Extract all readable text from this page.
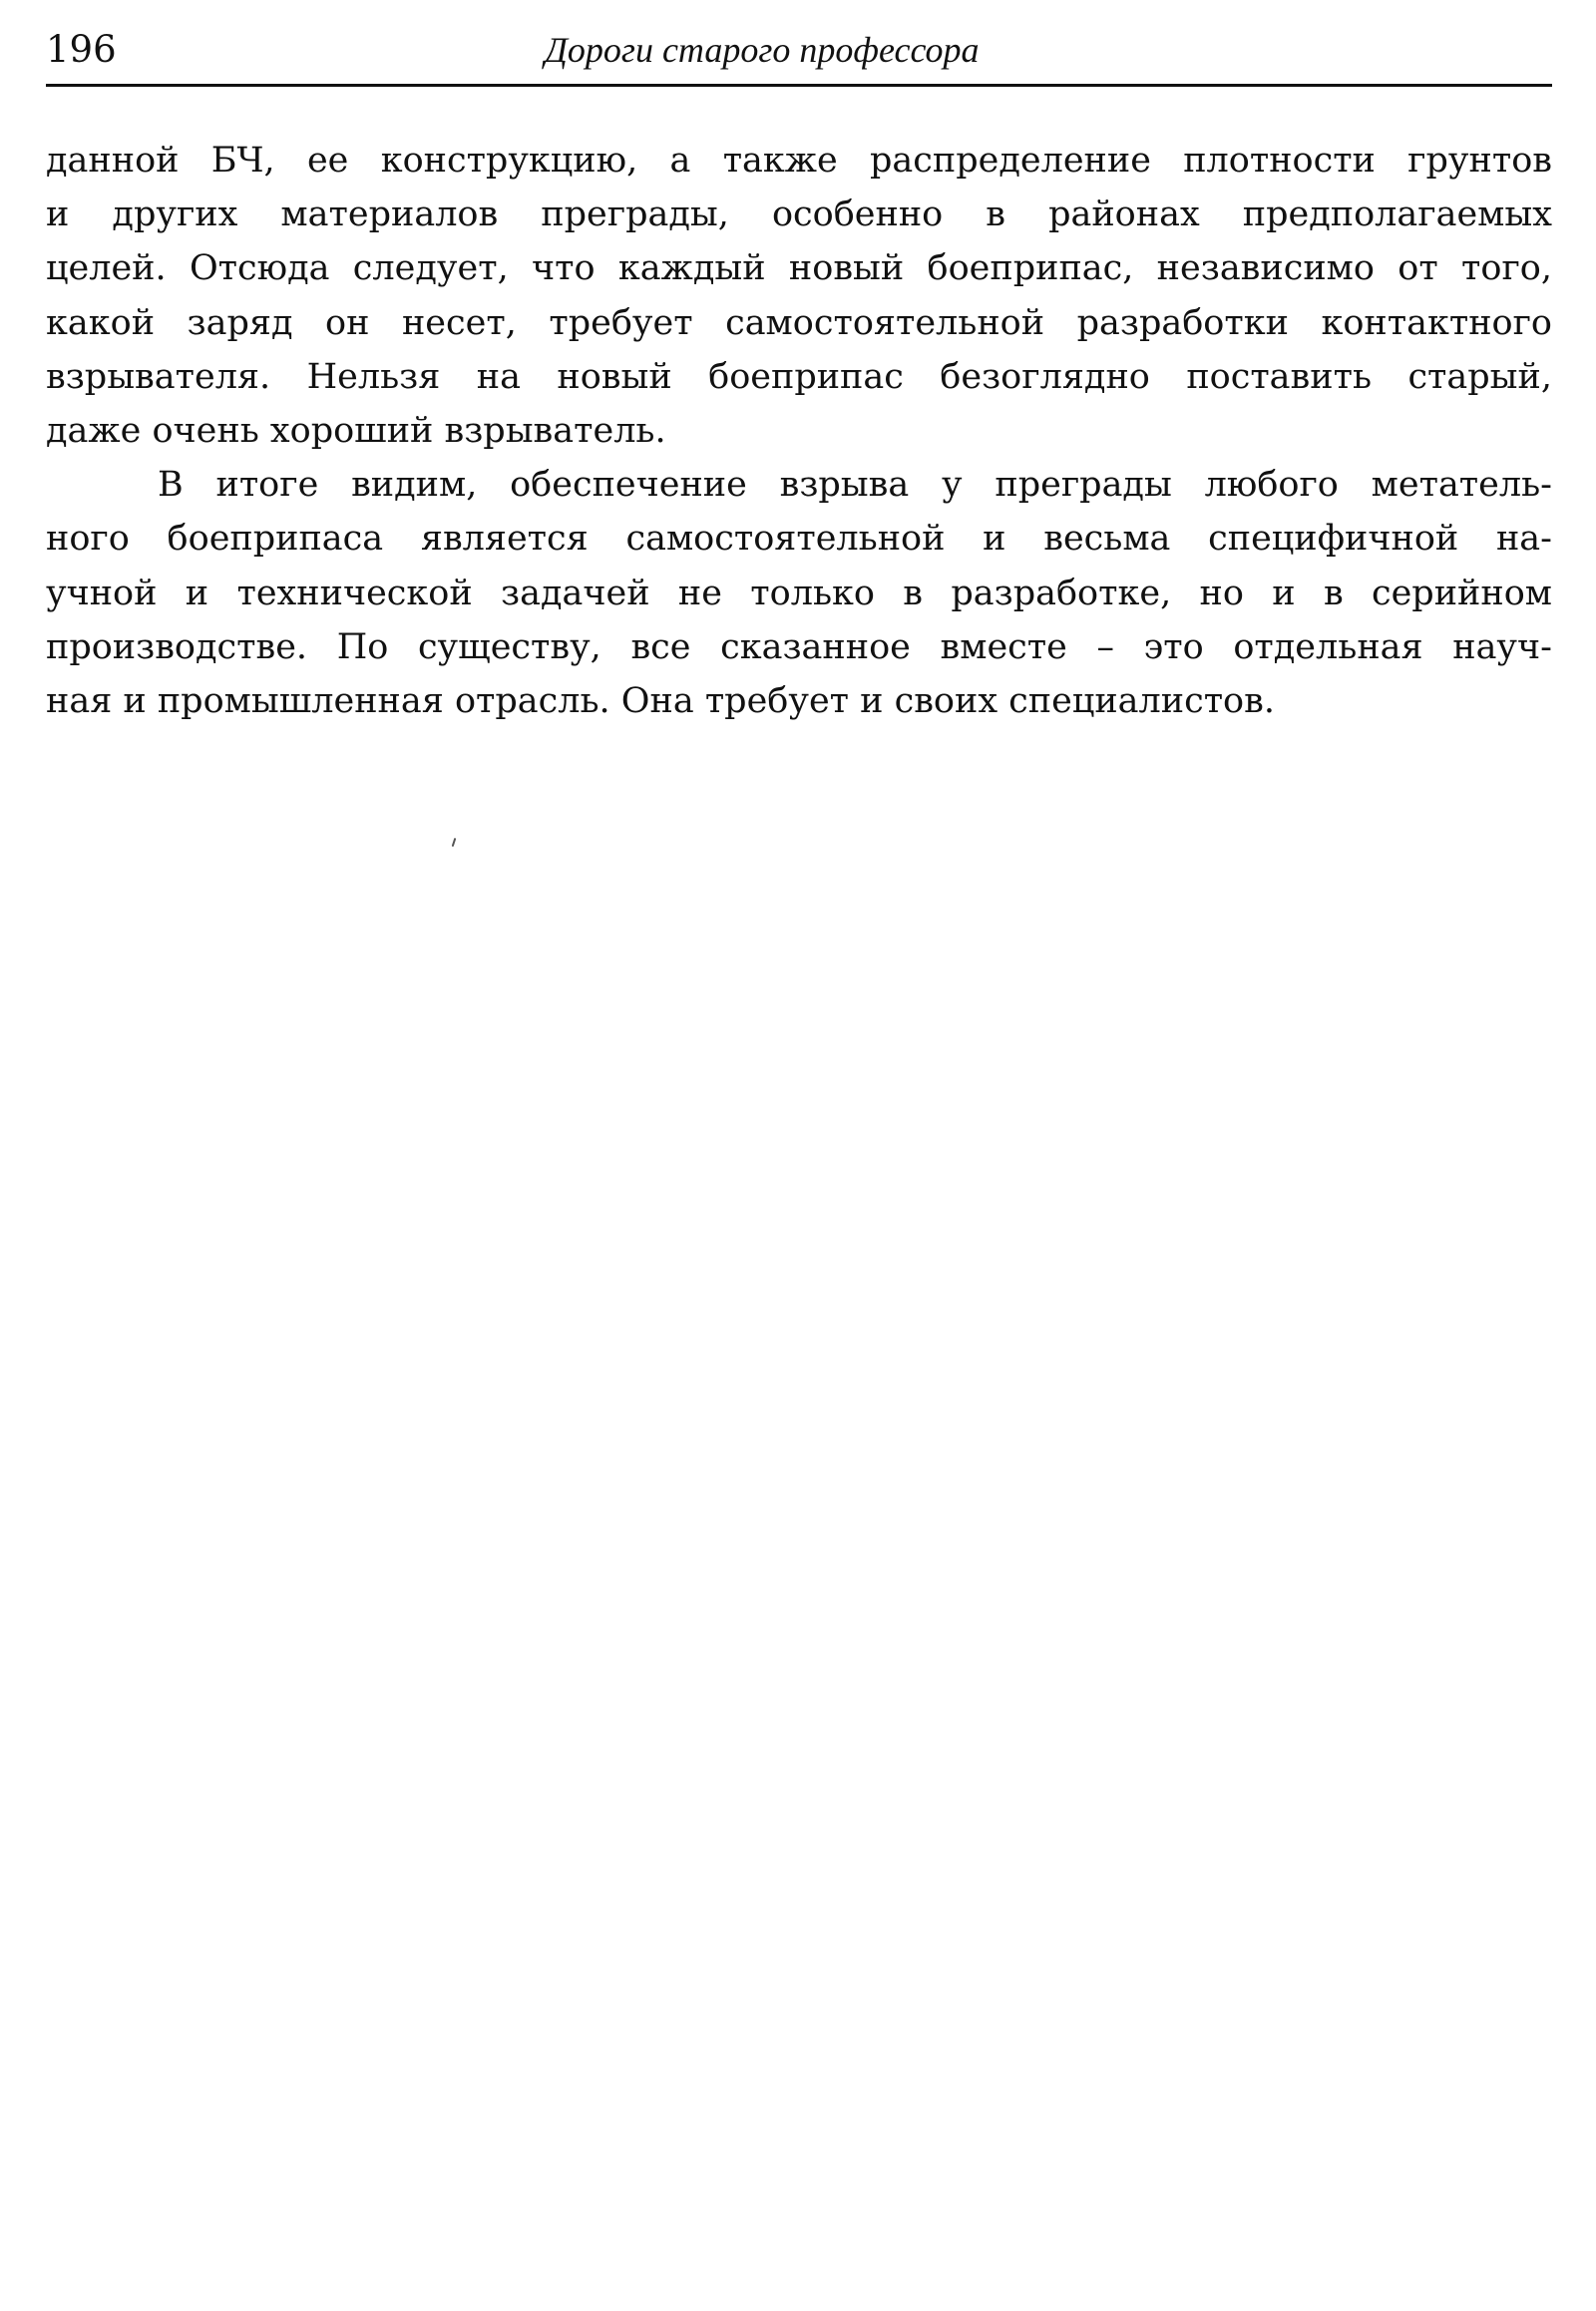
196	Дороги старого профессора
данной БЧ, ее конструкцию, а также распределение плотности грунтов
и других материалов преграды, особенно в районах предполагаемых
целей. Отсюда следует, что каждый новый боеприпас, независимо от того,
какой заряд он несет, требует самостоятельной разработки контактного
взрывателя. Нельзя на новый боеприпас безоглядно поставить старый,
даже очень хороший взрыватель.
В итоге видим, обеспечение взрыва у преграды любого метатель-
ного боеприпаса является самостоятельной и весьма специфичной на-
учной и технической задачей не только в разработке, но и в серийном
производстве. По существу, все сказанное вместе – это отдельная науч-
ная и промышленная отрасль. Она требует и своих специалистов.
